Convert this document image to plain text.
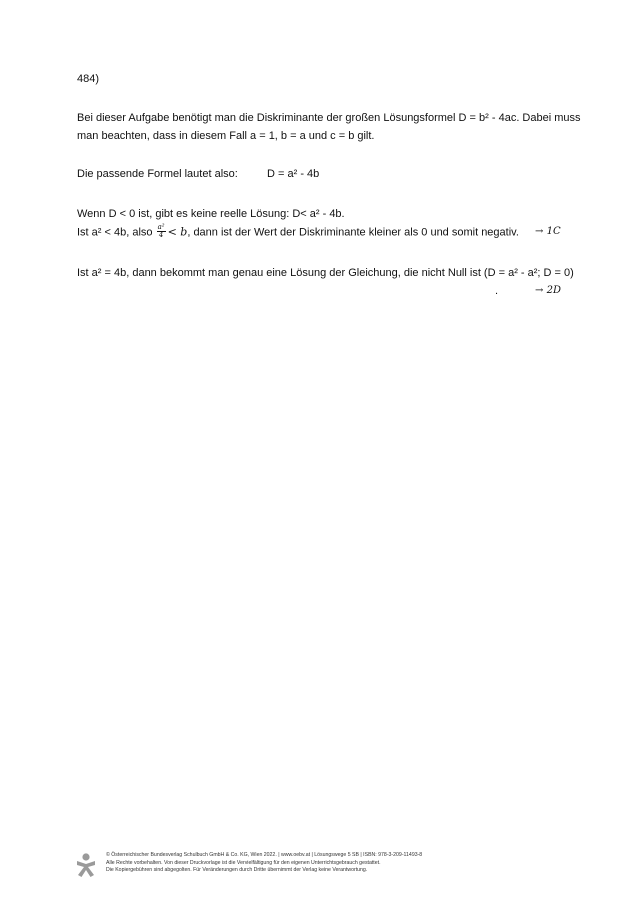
484)
Bei dieser Aufgabe benötigt man die Diskriminante der großen Lösungsformel D = b² - 4ac. Dabei muss
man beachten, dass in diesem Fall a = 1, b = a und c = b gilt.
Die passende Formel lautet also:	D = a² - 4b
Wenn D < 0 ist, gibt es keine reelle Lösung: D< a² - 4b.
Ist a² < 4b, also $\frac{\text{a²}}{4} < b$, dann ist der Wert der Diskriminante kleiner als 0 und somit negativ. → 1C
Ist a² = 4b, dann bekommt man genau eine Lösung der Gleichung, die nicht Null ist (D = a² - a²; D = 0)
.	→ 2D
© Österreichischer Bundesverlag Schulbuch GmbH & Co. KG, Wien 2022. | www.oebv.at | Lösungswege 5 SB | ISBN: 978-3-209-11493-8
Alle Rechte vorbehalten. Von dieser Druckvorlage ist die Vervielfältigung für den eigenen Unterrichtsgebrauch gestattet.
Die Kopiergebühren sind abgegolten. Für Veränderungen durch Dritte übernimmt der Verlag keine Verantwortung.
